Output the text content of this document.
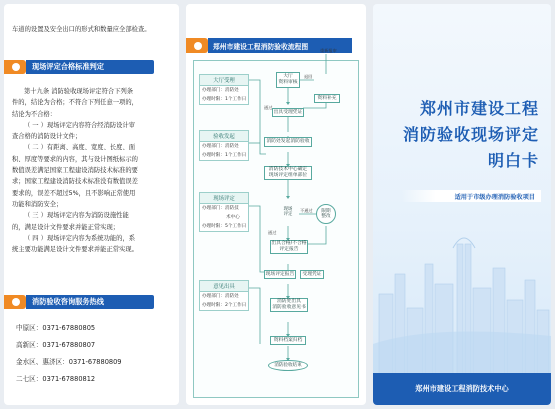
车道的设置及安全出口的形式和数量应全部检查。
现场评定合格标准判定
第十九条 消防验收现场评定符合下列条
件的，结论为合格；不符合下列任意一项的，
结论为不合格：
（ 一 ）现场评定内容符合经消防设计审
查合格的消防设计文件；
（ 二 ）有距离、高度、宽度、长度、面
积、厚度等要求的内容，其与设计图纸标示的
数值误差满足国家工程建设消防技术标准的要
求；国家工程建设消防技术标准没有数值误差
要求的，误差不超过5%，且不影响正常使用
功能和消防安全；
（ 三 ）现场评定内容为消防设施性能
的，满足设计文件要求并能正常实现；
（ 四 ）现场评定内容为系统功能的，系
统主要功能满足设计文件要求并能正常实现。
消防验收咨询服务热线
中原区：0371-67880805
高新区：0371-67880807
金水区、惠济区：0371-67880809
二七区：0371-67880812
郑州市建设工程消防验收流程图
大厅受理
办理部门：消防处
办理时限：1个工作日
验收发起
办理部门：消防处
办理时限：1个工作日
现场评定
办理部门：消防技
术中心
办理时限：5个工作日
意见出具
办理部门：消防处
办理时限：2个工作日
大厅
资料审核
退回
重新报审
资料补充
通过
出具受理凭证
消防处发起消防验收
消防技术中心确定
现场评定组单部位
现场
评定
不通过	限期
整改
通过
出具合格/不合格
评定报告
现场评定报告	受理凭证
消防处出具
消防验收意见书
资料档案归档
消防验收结束
郑州市建设工程
消防验收现场评定
明白卡
适用于市级办理消防验收项目
郑州市建设工程消防技术中心
